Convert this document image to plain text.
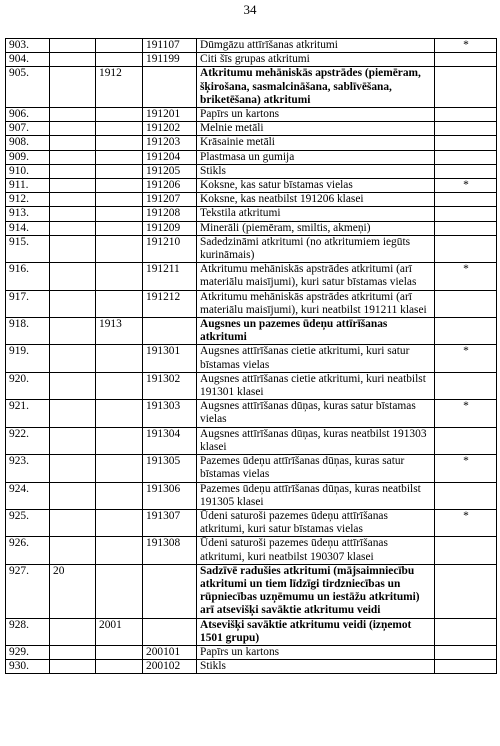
34
903.			191107	Dūmgāzu attīrīšanas atkritumi	*
904.			191199	Citi šīs grupas atkritumi	
905.		1912		Atkritumu mehāniskās apstrādes (piemēram, šķirošana, sasmalcināšana, sablīvēšana, briketēšana) atkritumi	
906.			191201	Papīrs un kartons	
907.			191202	Melnie metāli	
908.			191203	Krāsainie metāli	
909.			191204	Plastmasa un gumija	
910.			191205	Stikls	
911.			191206	Koksne, kas satur bīstamas vielas	*
912.			191207	Koksne, kas neatbilst 191206 klasei	
913.			191208	Tekstila atkritumi	
914.			191209	Minerāli (piemēram, smiltis, akmeņi)	
915.			191210	Sadedzināmi atkritumi (no atkritumiem iegūts kurināmais)	
916.			191211	Atkritumu mehāniskās apstrādes atkritumi (arī materiālu maisījumi), kuri satur bīstamas vielas	*
917.			191212	Atkritumu mehāniskās apstrādes atkritumi (arī materiālu maisījumi), kuri neatbilst 191211 klasei	
918.		1913		Augsnes un pazemes ūdeņu attīrīšanas atkritumi	
919.			191301	Augsnes attīrīšanas cietie atkritumi, kuri satur bīstamas vielas	*
920.			191302	Augsnes attīrīšanas cietie atkritumi, kuri neatbilst 191301 klasei	
921.			191303	Augsnes attīrīšanas dūņas, kuras satur bīstamas vielas	*
922.			191304	Augsnes attīrīšanas dūņas, kuras neatbilst 191303 klasei	
923.			191305	Pazemes ūdeņu attīrīšanas dūņas, kuras satur bīstamas vielas	*
924.			191306	Pazemes ūdeņu attīrīšanas dūņas, kuras neatbilst 191305 klasei	
925.			191307	Ūdeni saturoši pazemes ūdeņu attīrīšanas atkritumi, kuri satur bīstamas vielas	*
926.			191308	Ūdeni saturoši pazemes ūdeņu attīrīšanas atkritumi, kuri neatbilst 190307 klasei	
927.	20			Sadzīvē radušies atkritumi (mājsaimniecību atkritumi un tiem līdzīgi tirdzniecības un rūpniecības uzņēmumu un iestāžu atkritumi) arī atsevišķi savāktie atkritumu veidi	
928.		2001		Atsevišķi savāktie atkritumu veidi (izņemot 1501 grupu)	
929.			200101	Papīrs un kartons	
930.			200102	Stikls	
